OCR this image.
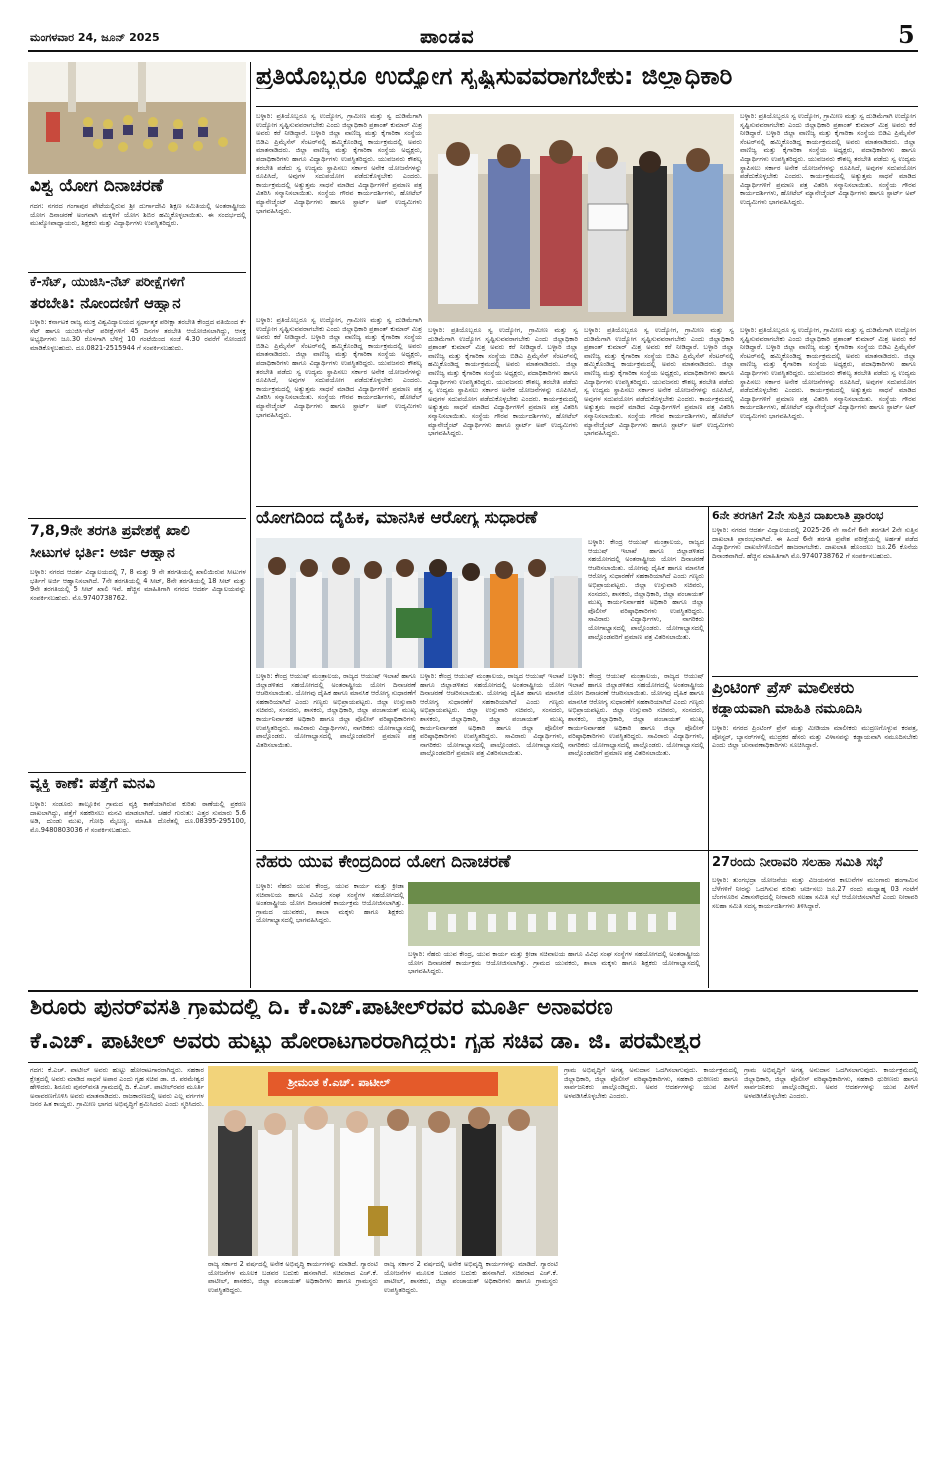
ಮಂಗಳವಾರ 24, ಜೂನ್ 2025	ಪಾಂಡವ	5
ವಿಶ್ವ ಯೋಗ ದಿನಾಚರಣೆ
ಗದಗ: ನಗರದ ಗಂಗಾಪುರ ಪೇಟೆಯಲ್ಲಿರುವ ಶ್ರೀ ದುರ್ಗಾದೇವಿ ಶಿಕ್ಷಣ ಸಮಿತಿಯಲ್ಲಿ ಅಂತರಾಷ್ಟ್ರೀಯ ಯೋಗ ದಿನಾಚರಣೆ ಅಂಗವಾಗಿ ಮಕ್ಕಳಿಗೆ ಯೋಗ ಶಿಬಿರ ಹಮ್ಮಿಕೊಳ್ಳಲಾಯಿತು. ಈ ಸಂದರ್ಭದಲ್ಲಿ ಮುಖ್ಯೋಪಾಧ್ಯಾಯರು, ಶಿಕ್ಷಕರು ಮತ್ತು ವಿದ್ಯಾರ್ಥಿಗಳು ಉಪಸ್ಥಿತರಿದ್ದರು.
ಕೆ-ಸೆಟ್, ಯುಜಿಸಿ-ನೆಟ್ ಪರೀಕ್ಷೆಗಳಿಗೆ
ತರಬೇತಿ: ನೋಂದಣಿಗೆ ಆಹ್ವಾನ
ಬಳ್ಳಾರಿ: ಕರ್ನಾಟಕ ರಾಜ್ಯ ಮುಕ್ತ ವಿಶ್ವವಿದ್ಯಾಲಯದ ಸ್ಪರ್ಧಾತ್ಮಕ ಪರೀಕ್ಷಾ ತರಬೇತಿ ಕೇಂದ್ರದ ವತಿಯಿಂದ ಕೆ-ಸೆಟ್ ಹಾಗೂ ಯುಜಿಸಿ-ನೆಟ್ ಪರೀಕ್ಷೆಗಳಿಗೆ 45 ದಿನಗಳ ತರಬೇತಿ ಆಯೋಜಿಸಲಾಗಿದ್ದು, ಆಸಕ್ತ ಅಭ್ಯರ್ಥಿಗಳು ಜೂ.30 ರೊಳಗಾಗಿ ಬೆಳಿಗ್ಗೆ 10 ಗಂಟೆಯಿಂದ ಸಂಜೆ 4.30 ರವರೆಗೆ ನೋಂದಣಿ ಮಾಡಿಕೊಳ್ಳಬಹುದು. ದೂ.0821-2515944 ಗೆ ಸಂಪರ್ಕಿಸಬಹುದು.
7,8,9ನೇ ತರಗತಿ ಪ್ರವೇಶಕ್ಕೆ ಖಾಲಿ
ಸೀಟುಗಳ ಭರ್ತಿ: ಅರ್ಜಿ ಆಹ್ವಾನ
ಬಳ್ಳಾರಿ: ನಗರದ ಆದರ್ಶ ವಿದ್ಯಾಲಯದಲ್ಲಿ 7, 8 ಮತ್ತು 9 ನೇ ತರಗತಿಯಲ್ಲಿ ಖಾಲಿಯಿರುವ ಸೀಟುಗಳ ಭರ್ತಿಗೆ ಅರ್ಜಿ ಆಹ್ವಾನಿಸಲಾಗಿದೆ. 7ನೇ ತರಗತಿಯಲ್ಲಿ 4 ಸೀಟ್, 8ನೇ ತರಗತಿಯಲ್ಲಿ 18 ಸೀಟ್ ಮತ್ತು 9ನೇ ತರಗತಿಯಲ್ಲಿ 5 ಸೀಟ್ ಖಾಲಿ ಇವೆ. ಹೆಚ್ಚಿನ ಮಾಹಿತಿಗಾಗಿ ನಗರದ ಆದರ್ಶ ವಿದ್ಯಾಲಯವನ್ನು ಸಂಪರ್ಕಿಸಬಹುದು. ಮೊ.9740738762.
ವ್ಯಕ್ತಿ ಕಾಣೆ: ಪತ್ತೆಗೆ ಮನವಿ
ಬಳ್ಳಾರಿ: ಸಂಡೂರು ತಾಲ್ಲೂಕಿನ ಗ್ರಾಮದ ವ್ಯಕ್ತಿ ಕಾಣೆಯಾಗಿರುವ ಕುರಿತು ಠಾಣೆಯಲ್ಲಿ ಪ್ರಕರಣ ದಾಖಲಾಗಿದ್ದು, ಪತ್ತೆಗೆ ಸಹಕರಿಸಲು ಮನವಿ ಮಾಡಲಾಗಿದೆ. ಚಹರೆ ಗುರುತು: ಎತ್ತರ ಸುಮಾರು 5.6 ಅಡಿ, ದುಂಡು ಮುಖ, ಗೋಧಿ ಮೈಬಣ್ಣ. ಮಾಹಿತಿ ದೊರೆತಲ್ಲಿ ದೂ.08395-295100, ಮೊ.9480803036 ಗೆ ಸಂಪರ್ಕಿಸಬಹುದು.
ಪ್ರತಿಯೊಬ್ಬರೂ ಉದ್ಯೋಗ ಸೃಷ್ಟಿಸುವವರಾಗಬೇಕು: ಜಿಲ್ಲಾಧಿಕಾರಿ
ಬಳ್ಳಾರಿ: ಪ್ರತಿಯೊಬ್ಬರೂ ಸ್ವ ಉದ್ಯೋಗ, ಗ್ರಾಮೀಣ ಮತ್ತು ಸ್ವ ದುಡಿಮೆಗಾಗಿ ಉದ್ಯೋಗ ಸೃಷ್ಟಿಸುವವರಾಗಬೇಕು ಎಂದು ಜಿಲ್ಲಾಧಿಕಾರಿ ಪ್ರಶಾಂತ್ ಕುಮಾರ್ ಮಿಶ್ರ ಅವರು ಕರೆ ನೀಡಿದ್ದಾರೆ. ಬಳ್ಳಾರಿ ಜಿಲ್ಲಾ ವಾಣಿಜ್ಯ ಮತ್ತು ಕೈಗಾರಿಕಾ ಸಂಸ್ಥೆಯ ಬಿಡಿಎ ಪ್ರಿಮೈಸೆಸ್ ಸೆಂಟರ್‌ನಲ್ಲಿ ಹಮ್ಮಿಕೊಂಡಿದ್ದ ಕಾರ್ಯಕ್ರಮದಲ್ಲಿ ಅವರು ಮಾತನಾಡಿದರು. ಜಿಲ್ಲಾ ವಾಣಿಜ್ಯ ಮತ್ತು ಕೈಗಾರಿಕಾ ಸಂಸ್ಥೆಯ ಅಧ್ಯಕ್ಷರು, ಪದಾಧಿಕಾರಿಗಳು ಹಾಗೂ ವಿದ್ಯಾರ್ಥಿಗಳು ಉಪಸ್ಥಿತರಿದ್ದರು. ಯುವಜನರು ಕೌಶಲ್ಯ ತರಬೇತಿ ಪಡೆದು ಸ್ವ ಉದ್ಯಮ ಸ್ಥಾಪಿಸಲು ಸರ್ಕಾರ ಅನೇಕ ಯೋಜನೆಗಳನ್ನು ರೂಪಿಸಿದೆ, ಅವುಗಳ ಸದುಪಯೋಗ ಪಡೆದುಕೊಳ್ಳಬೇಕು ಎಂದರು. ಕಾರ್ಯಕ್ರಮದಲ್ಲಿ ಅತ್ಯುತ್ತಮ ಸಾಧನೆ ಮಾಡಿದ ವಿದ್ಯಾರ್ಥಿಗಳಿಗೆ ಪ್ರಮಾಣ ಪತ್ರ ವಿತರಿಸಿ ಸನ್ಮಾನಿಸಲಾಯಿತು. ಸಂಸ್ಥೆಯ ಗೌರವ ಕಾರ್ಯದರ್ಶಿಗಳು, ಹೋಟೆಲ್ ಮ್ಯಾನೇಜ್ಮೆಂಟ್ ವಿದ್ಯಾರ್ಥಿಗಳು ಹಾಗೂ ಸ್ಟಾರ್ಟ್ ಅಪ್ ಉದ್ಯಮಿಗಳು ಭಾಗವಹಿಸಿದ್ದರು.
ಬಳ್ಳಾರಿ: ಪ್ರತಿಯೊಬ್ಬರೂ ಸ್ವ ಉದ್ಯೋಗ, ಗ್ರಾಮೀಣ ಮತ್ತು ಸ್ವ ದುಡಿಮೆಗಾಗಿ ಉದ್ಯೋಗ ಸೃಷ್ಟಿಸುವವರಾಗಬೇಕು ಎಂದು ಜಿಲ್ಲಾಧಿಕಾರಿ ಪ್ರಶಾಂತ್ ಕುಮಾರ್ ಮಿಶ್ರ ಅವರು ಕರೆ ನೀಡಿದ್ದಾರೆ. ಬಳ್ಳಾರಿ ಜಿಲ್ಲಾ ವಾಣಿಜ್ಯ ಮತ್ತು ಕೈಗಾರಿಕಾ ಸಂಸ್ಥೆಯ ಬಿಡಿಎ ಪ್ರಿಮೈಸೆಸ್ ಸೆಂಟರ್‌ನಲ್ಲಿ ಹಮ್ಮಿಕೊಂಡಿದ್ದ ಕಾರ್ಯಕ್ರಮದಲ್ಲಿ ಅವರು ಮಾತನಾಡಿದರು. ಜಿಲ್ಲಾ ವಾಣಿಜ್ಯ ಮತ್ತು ಕೈಗಾರಿಕಾ ಸಂಸ್ಥೆಯ ಅಧ್ಯಕ್ಷರು, ಪದಾಧಿಕಾರಿಗಳು ಹಾಗೂ ವಿದ್ಯಾರ್ಥಿಗಳು ಉಪಸ್ಥಿತರಿದ್ದರು. ಯುವಜನರು ಕೌಶಲ್ಯ ತರಬೇತಿ ಪಡೆದು ಸ್ವ ಉದ್ಯಮ ಸ್ಥಾಪಿಸಲು ಸರ್ಕಾರ ಅನೇಕ ಯೋಜನೆಗಳನ್ನು ರೂಪಿಸಿದೆ, ಅವುಗಳ ಸದುಪಯೋಗ ಪಡೆದುಕೊಳ್ಳಬೇಕು ಎಂದರು. ಕಾರ್ಯಕ್ರಮದಲ್ಲಿ ಅತ್ಯುತ್ತಮ ಸಾಧನೆ ಮಾಡಿದ ವಿದ್ಯಾರ್ಥಿಗಳಿಗೆ ಪ್ರಮಾಣ ಪತ್ರ ವಿತರಿಸಿ ಸನ್ಮಾನಿಸಲಾಯಿತು. ಸಂಸ್ಥೆಯ ಗೌರವ ಕಾರ್ಯದರ್ಶಿಗಳು, ಹೋಟೆಲ್ ಮ್ಯಾನೇಜ್ಮೆಂಟ್ ವಿದ್ಯಾರ್ಥಿಗಳು ಹಾಗೂ ಸ್ಟಾರ್ಟ್ ಅಪ್ ಉದ್ಯಮಿಗಳು ಭಾಗವಹಿಸಿದ್ದರು.
ಬಳ್ಳಾರಿ: ಪ್ರತಿಯೊಬ್ಬರೂ ಸ್ವ ಉದ್ಯೋಗ, ಗ್ರಾಮೀಣ ಮತ್ತು ಸ್ವ ದುಡಿಮೆಗಾಗಿ ಉದ್ಯೋಗ ಸೃಷ್ಟಿಸುವವರಾಗಬೇಕು ಎಂದು ಜಿಲ್ಲಾಧಿಕಾರಿ ಪ್ರಶಾಂತ್ ಕುಮಾರ್ ಮಿಶ್ರ ಅವರು ಕರೆ ನೀಡಿದ್ದಾರೆ. ಬಳ್ಳಾರಿ ಜಿಲ್ಲಾ ವಾಣಿಜ್ಯ ಮತ್ತು ಕೈಗಾರಿಕಾ ಸಂಸ್ಥೆಯ ಬಿಡಿಎ ಪ್ರಿಮೈಸೆಸ್ ಸೆಂಟರ್‌ನಲ್ಲಿ ಹಮ್ಮಿಕೊಂಡಿದ್ದ ಕಾರ್ಯಕ್ರಮದಲ್ಲಿ ಅವರು ಮಾತನಾಡಿದರು. ಜಿಲ್ಲಾ ವಾಣಿಜ್ಯ ಮತ್ತು ಕೈಗಾರಿಕಾ ಸಂಸ್ಥೆಯ ಅಧ್ಯಕ್ಷರು, ಪದಾಧಿಕಾರಿಗಳು ಹಾಗೂ ವಿದ್ಯಾರ್ಥಿಗಳು ಉಪಸ್ಥಿತರಿದ್ದರು. ಯುವಜನರು ಕೌಶಲ್ಯ ತರಬೇತಿ ಪಡೆದು ಸ್ವ ಉದ್ಯಮ ಸ್ಥಾಪಿಸಲು ಸರ್ಕಾರ ಅನೇಕ ಯೋಜನೆಗಳನ್ನು ರೂಪಿಸಿದೆ, ಅವುಗಳ ಸದುಪಯೋಗ ಪಡೆದುಕೊಳ್ಳಬೇಕು ಎಂದರು. ಕಾರ್ಯಕ್ರಮದಲ್ಲಿ ಅತ್ಯುತ್ತಮ ಸಾಧನೆ ಮಾಡಿದ ವಿದ್ಯಾರ್ಥಿಗಳಿಗೆ ಪ್ರಮಾಣ ಪತ್ರ ವಿತರಿಸಿ ಸನ್ಮಾನಿಸಲಾಯಿತು. ಸಂಸ್ಥೆಯ ಗೌರವ ಕಾರ್ಯದರ್ಶಿಗಳು, ಹೋಟೆಲ್ ಮ್ಯಾನೇಜ್ಮೆಂಟ್ ವಿದ್ಯಾರ್ಥಿಗಳು ಹಾಗೂ ಸ್ಟಾರ್ಟ್ ಅಪ್ ಉದ್ಯಮಿಗಳು ಭಾಗವಹಿಸಿದ್ದರು.
ಬಳ್ಳಾರಿ: ಪ್ರತಿಯೊಬ್ಬರೂ ಸ್ವ ಉದ್ಯೋಗ, ಗ್ರಾಮೀಣ ಮತ್ತು ಸ್ವ ದುಡಿಮೆಗಾಗಿ ಉದ್ಯೋಗ ಸೃಷ್ಟಿಸುವವರಾಗಬೇಕು ಎಂದು ಜಿಲ್ಲಾಧಿಕಾರಿ ಪ್ರಶಾಂತ್ ಕುಮಾರ್ ಮಿಶ್ರ ಅವರು ಕರೆ ನೀಡಿದ್ದಾರೆ. ಬಳ್ಳಾರಿ ಜಿಲ್ಲಾ ವಾಣಿಜ್ಯ ಮತ್ತು ಕೈಗಾರಿಕಾ ಸಂಸ್ಥೆಯ ಬಿಡಿಎ ಪ್ರಿಮೈಸೆಸ್ ಸೆಂಟರ್‌ನಲ್ಲಿ ಹಮ್ಮಿಕೊಂಡಿದ್ದ ಕಾರ್ಯಕ್ರಮದಲ್ಲಿ ಅವರು ಮಾತನಾಡಿದರು. ಜಿಲ್ಲಾ ವಾಣಿಜ್ಯ ಮತ್ತು ಕೈಗಾರಿಕಾ ಸಂಸ್ಥೆಯ ಅಧ್ಯಕ್ಷರು, ಪದಾಧಿಕಾರಿಗಳು ಹಾಗೂ ವಿದ್ಯಾರ್ಥಿಗಳು ಉಪಸ್ಥಿತರಿದ್ದರು. ಯುವಜನರು ಕೌಶಲ್ಯ ತರಬೇತಿ ಪಡೆದು ಸ್ವ ಉದ್ಯಮ ಸ್ಥಾಪಿಸಲು ಸರ್ಕಾರ ಅನೇಕ ಯೋಜನೆಗಳನ್ನು ರೂಪಿಸಿದೆ, ಅವುಗಳ ಸದುಪಯೋಗ ಪಡೆದುಕೊಳ್ಳಬೇಕು ಎಂದರು. ಕಾರ್ಯಕ್ರಮದಲ್ಲಿ ಅತ್ಯುತ್ತಮ ಸಾಧನೆ ಮಾಡಿದ ವಿದ್ಯಾರ್ಥಿಗಳಿಗೆ ಪ್ರಮಾಣ ಪತ್ರ ವಿತರಿಸಿ ಸನ್ಮಾನಿಸಲಾಯಿತು. ಸಂಸ್ಥೆಯ ಗೌರವ ಕಾರ್ಯದರ್ಶಿಗಳು, ಹೋಟೆಲ್ ಮ್ಯಾನೇಜ್ಮೆಂಟ್ ವಿದ್ಯಾರ್ಥಿಗಳು ಹಾಗೂ ಸ್ಟಾರ್ಟ್ ಅಪ್ ಉದ್ಯಮಿಗಳು ಭಾಗವಹಿಸಿದ್ದರು.
ಬಳ್ಳಾರಿ: ಪ್ರತಿಯೊಬ್ಬರೂ ಸ್ವ ಉದ್ಯೋಗ, ಗ್ರಾಮೀಣ ಮತ್ತು ಸ್ವ ದುಡಿಮೆಗಾಗಿ ಉದ್ಯೋಗ ಸೃಷ್ಟಿಸುವವರಾಗಬೇಕು ಎಂದು ಜಿಲ್ಲಾಧಿಕಾರಿ ಪ್ರಶಾಂತ್ ಕುಮಾರ್ ಮಿಶ್ರ ಅವರು ಕರೆ ನೀಡಿದ್ದಾರೆ. ಬಳ್ಳಾರಿ ಜಿಲ್ಲಾ ವಾಣಿಜ್ಯ ಮತ್ತು ಕೈಗಾರಿಕಾ ಸಂಸ್ಥೆಯ ಬಿಡಿಎ ಪ್ರಿಮೈಸೆಸ್ ಸೆಂಟರ್‌ನಲ್ಲಿ ಹಮ್ಮಿಕೊಂಡಿದ್ದ ಕಾರ್ಯಕ್ರಮದಲ್ಲಿ ಅವರು ಮಾತನಾಡಿದರು. ಜಿಲ್ಲಾ ವಾಣಿಜ್ಯ ಮತ್ತು ಕೈಗಾರಿಕಾ ಸಂಸ್ಥೆಯ ಅಧ್ಯಕ್ಷರು, ಪದಾಧಿಕಾರಿಗಳು ಹಾಗೂ ವಿದ್ಯಾರ್ಥಿಗಳು ಉಪಸ್ಥಿತರಿದ್ದರು. ಯುವಜನರು ಕೌಶಲ್ಯ ತರಬೇತಿ ಪಡೆದು ಸ್ವ ಉದ್ಯಮ ಸ್ಥಾಪಿಸಲು ಸರ್ಕಾರ ಅನೇಕ ಯೋಜನೆಗಳನ್ನು ರೂಪಿಸಿದೆ, ಅವುಗಳ ಸದುಪಯೋಗ ಪಡೆದುಕೊಳ್ಳಬೇಕು ಎಂದರು. ಕಾರ್ಯಕ್ರಮದಲ್ಲಿ ಅತ್ಯುತ್ತಮ ಸಾಧನೆ ಮಾಡಿದ ವಿದ್ಯಾರ್ಥಿಗಳಿಗೆ ಪ್ರಮಾಣ ಪತ್ರ ವಿತರಿಸಿ ಸನ್ಮಾನಿಸಲಾಯಿತು. ಸಂಸ್ಥೆಯ ಗೌರವ ಕಾರ್ಯದರ್ಶಿಗಳು, ಹೋಟೆಲ್ ಮ್ಯಾನೇಜ್ಮೆಂಟ್ ವಿದ್ಯಾರ್ಥಿಗಳು ಹಾಗೂ ಸ್ಟಾರ್ಟ್ ಅಪ್ ಉದ್ಯಮಿಗಳು ಭಾಗವಹಿಸಿದ್ದರು.
ಬಳ್ಳಾರಿ: ಪ್ರತಿಯೊಬ್ಬರೂ ಸ್ವ ಉದ್ಯೋಗ, ಗ್ರಾಮೀಣ ಮತ್ತು ಸ್ವ ದುಡಿಮೆಗಾಗಿ ಉದ್ಯೋಗ ಸೃಷ್ಟಿಸುವವರಾಗಬೇಕು ಎಂದು ಜಿಲ್ಲಾಧಿಕಾರಿ ಪ್ರಶಾಂತ್ ಕುಮಾರ್ ಮಿಶ್ರ ಅವರು ಕರೆ ನೀಡಿದ್ದಾರೆ. ಬಳ್ಳಾರಿ ಜಿಲ್ಲಾ ವಾಣಿಜ್ಯ ಮತ್ತು ಕೈಗಾರಿಕಾ ಸಂಸ್ಥೆಯ ಬಿಡಿಎ ಪ್ರಿಮೈಸೆಸ್ ಸೆಂಟರ್‌ನಲ್ಲಿ ಹಮ್ಮಿಕೊಂಡಿದ್ದ ಕಾರ್ಯಕ್ರಮದಲ್ಲಿ ಅವರು ಮಾತನಾಡಿದರು. ಜಿಲ್ಲಾ ವಾಣಿಜ್ಯ ಮತ್ತು ಕೈಗಾರಿಕಾ ಸಂಸ್ಥೆಯ ಅಧ್ಯಕ್ಷರು, ಪದಾಧಿಕಾರಿಗಳು ಹಾಗೂ ವಿದ್ಯಾರ್ಥಿಗಳು ಉಪಸ್ಥಿತರಿದ್ದರು. ಯುವಜನರು ಕೌಶಲ್ಯ ತರಬೇತಿ ಪಡೆದು ಸ್ವ ಉದ್ಯಮ ಸ್ಥಾಪಿಸಲು ಸರ್ಕಾರ ಅನೇಕ ಯೋಜನೆಗಳನ್ನು ರೂಪಿಸಿದೆ, ಅವುಗಳ ಸದುಪಯೋಗ ಪಡೆದುಕೊಳ್ಳಬೇಕು ಎಂದರು. ಕಾರ್ಯಕ್ರಮದಲ್ಲಿ ಅತ್ಯುತ್ತಮ ಸಾಧನೆ ಮಾಡಿದ ವಿದ್ಯಾರ್ಥಿಗಳಿಗೆ ಪ್ರಮಾಣ ಪತ್ರ ವಿತರಿಸಿ ಸನ್ಮಾನಿಸಲಾಯಿತು. ಸಂಸ್ಥೆಯ ಗೌರವ ಕಾರ್ಯದರ್ಶಿಗಳು, ಹೋಟೆಲ್ ಮ್ಯಾನೇಜ್ಮೆಂಟ್ ವಿದ್ಯಾರ್ಥಿಗಳು ಹಾಗೂ ಸ್ಟಾರ್ಟ್ ಅಪ್ ಉದ್ಯಮಿಗಳು ಭಾಗವಹಿಸಿದ್ದರು.
ಯೋಗದಿಂದ ದೈಹಿಕ, ಮಾನಸಿಕ ಆರೋಗ್ಯ ಸುಧಾರಣೆ
ಬಳ್ಳಾರಿ: ಕೇಂದ್ರ ಆಯುಷ್ ಮಂತ್ರಾಲಯ, ರಾಜ್ಯದ ಆಯುಷ್ ಇಲಾಖೆ ಹಾಗೂ ಜಿಲ್ಲಾಡಳಿತದ ಸಹಯೋಗದಲ್ಲಿ ಅಂತರಾಷ್ಟ್ರೀಯ ಯೋಗ ದಿನಾಚರಣೆ ಆಚರಿಸಲಾಯಿತು. ಯೋಗವು ದೈಹಿಕ ಹಾಗೂ ಮಾನಸಿಕ ಆರೋಗ್ಯ ಸುಧಾರಣೆಗೆ ಸಹಕಾರಿಯಾಗಿದೆ ಎಂದು ಗಣ್ಯರು ಅಭಿಪ್ರಾಯಪಟ್ಟರು. ಜಿಲ್ಲಾ ಉಸ್ತುವಾರಿ ಸಚಿವರು, ಸಂಸದರು, ಶಾಸಕರು, ಜಿಲ್ಲಾಧಿಕಾರಿ, ಜಿಲ್ಲಾ ಪಂಚಾಯತ್ ಮುಖ್ಯ ಕಾರ್ಯನಿರ್ವಾಹಕ ಅಧಿಕಾರಿ ಹಾಗೂ ಜಿಲ್ಲಾ ಪೊಲೀಸ್ ವರಿಷ್ಠಾಧಿಕಾರಿಗಳು ಉಪಸ್ಥಿತರಿದ್ದರು. ಸಾವಿರಾರು ವಿದ್ಯಾರ್ಥಿಗಳು, ನಾಗರಿಕರು ಯೋಗಾಭ್ಯಾಸದಲ್ಲಿ ಪಾಲ್ಗೊಂಡರು. ಯೋಗಾಭ್ಯಾಸದಲ್ಲಿ ಪಾಲ್ಗೊಂಡವರಿಗೆ ಪ್ರಮಾಣ ಪತ್ರ ವಿತರಿಸಲಾಯಿತು.
ಬಳ್ಳಾರಿ: ಕೇಂದ್ರ ಆಯುಷ್ ಮಂತ್ರಾಲಯ, ರಾಜ್ಯದ ಆಯುಷ್ ಇಲಾಖೆ ಹಾಗೂ ಜಿಲ್ಲಾಡಳಿತದ ಸಹಯೋಗದಲ್ಲಿ ಅಂತರಾಷ್ಟ್ರೀಯ ಯೋಗ ದಿನಾಚರಣೆ ಆಚರಿಸಲಾಯಿತು. ಯೋಗವು ದೈಹಿಕ ಹಾಗೂ ಮಾನಸಿಕ ಆರೋಗ್ಯ ಸುಧಾರಣೆಗೆ ಸಹಕಾರಿಯಾಗಿದೆ ಎಂದು ಗಣ್ಯರು ಅಭಿಪ್ರಾಯಪಟ್ಟರು. ಜಿಲ್ಲಾ ಉಸ್ತುವಾರಿ ಸಚಿವರು, ಸಂಸದರು, ಶಾಸಕರು, ಜಿಲ್ಲಾಧಿಕಾರಿ, ಜಿಲ್ಲಾ ಪಂಚಾಯತ್ ಮುಖ್ಯ ಕಾರ್ಯನಿರ್ವಾಹಕ ಅಧಿಕಾರಿ ಹಾಗೂ ಜಿಲ್ಲಾ ಪೊಲೀಸ್ ವರಿಷ್ಠಾಧಿಕಾರಿಗಳು ಉಪಸ್ಥಿತರಿದ್ದರು. ಸಾವಿರಾರು ವಿದ್ಯಾರ್ಥಿಗಳು, ನಾಗರಿಕರು ಯೋಗಾಭ್ಯಾಸದಲ್ಲಿ ಪಾಲ್ಗೊಂಡರು. ಯೋಗಾಭ್ಯಾಸದಲ್ಲಿ ಪಾಲ್ಗೊಂಡವರಿಗೆ ಪ್ರಮಾಣ ಪತ್ರ ವಿತರಿಸಲಾಯಿತು.
ಬಳ್ಳಾರಿ: ಕೇಂದ್ರ ಆಯುಷ್ ಮಂತ್ರಾಲಯ, ರಾಜ್ಯದ ಆಯುಷ್ ಇಲಾಖೆ ಹಾಗೂ ಜಿಲ್ಲಾಡಳಿತದ ಸಹಯೋಗದಲ್ಲಿ ಅಂತರಾಷ್ಟ್ರೀಯ ಯೋಗ ದಿನಾಚರಣೆ ಆಚರಿಸಲಾಯಿತು. ಯೋಗವು ದೈಹಿಕ ಹಾಗೂ ಮಾನಸಿಕ ಆರೋಗ್ಯ ಸುಧಾರಣೆಗೆ ಸಹಕಾರಿಯಾಗಿದೆ ಎಂದು ಗಣ್ಯರು ಅಭಿಪ್ರಾಯಪಟ್ಟರು. ಜಿಲ್ಲಾ ಉಸ್ತುವಾರಿ ಸಚಿವರು, ಸಂಸದರು, ಶಾಸಕರು, ಜಿಲ್ಲಾಧಿಕಾರಿ, ಜಿಲ್ಲಾ ಪಂಚಾಯತ್ ಮುಖ್ಯ ಕಾರ್ಯನಿರ್ವಾಹಕ ಅಧಿಕಾರಿ ಹಾಗೂ ಜಿಲ್ಲಾ ಪೊಲೀಸ್ ವರಿಷ್ಠಾಧಿಕಾರಿಗಳು ಉಪಸ್ಥಿತರಿದ್ದರು. ಸಾವಿರಾರು ವಿದ್ಯಾರ್ಥಿಗಳು, ನಾಗರಿಕರು ಯೋಗಾಭ್ಯಾಸದಲ್ಲಿ ಪಾಲ್ಗೊಂಡರು. ಯೋಗಾಭ್ಯಾಸದಲ್ಲಿ ಪಾಲ್ಗೊಂಡವರಿಗೆ ಪ್ರಮಾಣ ಪತ್ರ ವಿತರಿಸಲಾಯಿತು.
ಬಳ್ಳಾರಿ: ಕೇಂದ್ರ ಆಯುಷ್ ಮಂತ್ರಾಲಯ, ರಾಜ್ಯದ ಆಯುಷ್ ಇಲಾಖೆ ಹಾಗೂ ಜಿಲ್ಲಾಡಳಿತದ ಸಹಯೋಗದಲ್ಲಿ ಅಂತರಾಷ್ಟ್ರೀಯ ಯೋಗ ದಿನಾಚರಣೆ ಆಚರಿಸಲಾಯಿತು. ಯೋಗವು ದೈಹಿಕ ಹಾಗೂ ಮಾನಸಿಕ ಆರೋಗ್ಯ ಸುಧಾರಣೆಗೆ ಸಹಕಾರಿಯಾಗಿದೆ ಎಂದು ಗಣ್ಯರು ಅಭಿಪ್ರಾಯಪಟ್ಟರು. ಜಿಲ್ಲಾ ಉಸ್ತುವಾರಿ ಸಚಿವರು, ಸಂಸದರು, ಶಾಸಕರು, ಜಿಲ್ಲಾಧಿಕಾರಿ, ಜಿಲ್ಲಾ ಪಂಚಾಯತ್ ಮುಖ್ಯ ಕಾರ್ಯನಿರ್ವಾಹಕ ಅಧಿಕಾರಿ ಹಾಗೂ ಜಿಲ್ಲಾ ಪೊಲೀಸ್ ವರಿಷ್ಠಾಧಿಕಾರಿಗಳು ಉಪಸ್ಥಿತರಿದ್ದರು. ಸಾವಿರಾರು ವಿದ್ಯಾರ್ಥಿಗಳು, ನಾಗರಿಕರು ಯೋಗಾಭ್ಯಾಸದಲ್ಲಿ ಪಾಲ್ಗೊಂಡರು. ಯೋಗಾಭ್ಯಾಸದಲ್ಲಿ ಪಾಲ್ಗೊಂಡವರಿಗೆ ಪ್ರಮಾಣ ಪತ್ರ ವಿತರಿಸಲಾಯಿತು.
6ನೇ ತರಗತಿಗೆ 2ನೇ ಸುತ್ತಿನ ದಾಖಲಾತಿ ಪ್ರಾರಂಭ
ಬಳ್ಳಾರಿ: ನಗರದ ಆದರ್ಶ ವಿದ್ಯಾಲಯದಲ್ಲಿ 2025-26 ನೇ ಸಾಲಿಗೆ 6ನೇ ತರಗತಿಗೆ 2ನೇ ಸುತ್ತಿನ ದಾಖಲಾತಿ ಪ್ರಾರಂಭವಾಗಿದೆ. ಈ ಹಿಂದೆ 6ನೇ ತರಗತಿ ಪ್ರವೇಶ ಪರೀಕ್ಷೆಯಲ್ಲಿ ಅರ್ಹತೆ ಪಡೆದ ವಿದ್ಯಾರ್ಥಿಗಳು ದಾಖಲೆಗಳೊಂದಿಗೆ ಹಾಜರಾಗಬೇಕು. ದಾಖಲಾತಿ ಹೊಂದಲು ಜೂ.26 ಕೊನೆಯ ದಿನಾಂಕವಾಗಿದೆ. ಹೆಚ್ಚಿನ ಮಾಹಿತಿಗಾಗಿ ಮೊ.9740738762 ಗೆ ಸಂಪರ್ಕಿಸಬಹುದು.
ಪ್ರಿಂಟಿಂಗ್ ಪ್ರೆಸ್ ಮಾಲೀಕರು
ಕಡ್ಡಾಯವಾಗಿ ಮಾಹಿತಿ ನಮೂದಿಸಿ
ಬಳ್ಳಾರಿ: ನಗರದ ಪ್ರಿಂಟಿಂಗ್ ಪ್ರೆಸ್ ಮತ್ತು ಮೀಡಿಯಾ ಮಾಲೀಕರು ಮುದ್ರಣಗೊಳ್ಳುವ ಕರಪತ್ರ, ಪೋಸ್ಟರ್, ಬ್ಯಾನರ್‌ಗಳಲ್ಲಿ ಮುದ್ರಕರ ಹೆಸರು ಮತ್ತು ವಿಳಾಸವನ್ನು ಕಡ್ಡಾಯವಾಗಿ ನಮೂದಿಸಬೇಕು ಎಂದು ಜಿಲ್ಲಾ ಚುನಾವಣಾಧಿಕಾರಿಗಳು ಸೂಚಿಸಿದ್ದಾರೆ.
ನೆಹರು ಯುವ ಕೇಂದ್ರದಿಂದ ಯೋಗ ದಿನಾಚರಣೆ
ಬಳ್ಳಾರಿ: ನೆಹರು ಯುವ ಕೇಂದ್ರ, ಯುವ ಕಾರ್ಯ ಮತ್ತು ಕ್ರೀಡಾ ಸಚಿವಾಲಯ ಹಾಗೂ ವಿವಿಧ ಸಂಘ ಸಂಸ್ಥೆಗಳ ಸಹಯೋಗದಲ್ಲಿ ಅಂತರಾಷ್ಟ್ರೀಯ ಯೋಗ ದಿನಾಚರಣೆ ಕಾರ್ಯಕ್ರಮ ಆಯೋಜಿಸಲಾಗಿತ್ತು. ಗ್ರಾಮದ ಯುವಕರು, ಶಾಲಾ ಮಕ್ಕಳು ಹಾಗೂ ಶಿಕ್ಷಕರು ಯೋಗಾಭ್ಯಾಸದಲ್ಲಿ ಭಾಗವಹಿಸಿದ್ದರು.
ಬಳ್ಳಾರಿ: ನೆಹರು ಯುವ ಕೇಂದ್ರ, ಯುವ ಕಾರ್ಯ ಮತ್ತು ಕ್ರೀಡಾ ಸಚಿವಾಲಯ ಹಾಗೂ ವಿವಿಧ ಸಂಘ ಸಂಸ್ಥೆಗಳ ಸಹಯೋಗದಲ್ಲಿ ಅಂತರಾಷ್ಟ್ರೀಯ ಯೋಗ ದಿನಾಚರಣೆ ಕಾರ್ಯಕ್ರಮ ಆಯೋಜಿಸಲಾಗಿತ್ತು. ಗ್ರಾಮದ ಯುವಕರು, ಶಾಲಾ ಮಕ್ಕಳು ಹಾಗೂ ಶಿಕ್ಷಕರು ಯೋಗಾಭ್ಯಾಸದಲ್ಲಿ ಭಾಗವಹಿಸಿದ್ದರು.
27ರಂದು ನೀರಾವರಿ ಸಲಹಾ ಸಮಿತಿ ಸಭೆ
ಬಳ್ಳಾರಿ: ತುಂಗಭದ್ರಾ ಯೋಜನೆಯ ಮತ್ತು ವಿಜಯನಗರ ಕಾಲುವೆಗಳ ಮುಂಗಾರು ಹಂಗಾಮಿನ ಬೆಳೆಗಳಿಗೆ ನೀರನ್ನು ಒದಗಿಸುವ ಕುರಿತು ಚರ್ಚಿಸಲು ಜೂ.27 ರಂದು ಮಧ್ಯಾಹ್ನ 03 ಗಂಟೆಗೆ ಬೆಂಗಳೂರಿನ ವಿಕಾಸಸೌಧದಲ್ಲಿ ನೀರಾವರಿ ಸಲಹಾ ಸಮಿತಿ ಸಭೆ ಆಯೋಜಿಸಲಾಗಿದೆ ಎಂದು ನೀರಾವರಿ ಸಲಹಾ ಸಮಿತಿ ಸದಸ್ಯ ಕಾರ್ಯದರ್ಶಿಗಳು ತಿಳಿಸಿದ್ದಾರೆ.
ಶಿರೂರು ಪುನರ್‌ವಸತಿ ಗ್ರಾಮದಲ್ಲಿ ದಿ. ಕೆ.ಎಚ್.ಪಾಟೀಲ್‌ರವರ ಮೂರ್ತಿ ಅನಾವರಣ
ಕೆ.ಎಚ್. ಪಾಟೀಲ್ ಅವರು ಹುಟ್ಟು ಹೋರಾಟಗಾರರಾಗಿದ್ದರು: ಗೃಹ ಸಚಿವ ಡಾ. ಜಿ. ಪರಮೇಶ್ವರ
ಗದಗ: ಕೆ.ಎಚ್. ಪಾಟೀಲ್ ಅವರು ಹುಟ್ಟು ಹೋರಾಟಗಾರರಾಗಿದ್ದರು. ಸಹಕಾರ ಕ್ಷೇತ್ರದಲ್ಲಿ ಅವರು ಮಾಡಿದ ಸಾಧನೆ ಅಪಾರ ಎಂದು ಗೃಹ ಸಚಿವ ಡಾ. ಜಿ. ಪರಮೇಶ್ವರ ಹೇಳಿದರು. ಶಿರೂರು ಪುನರ್‌ವಸತಿ ಗ್ರಾಮದಲ್ಲಿ ದಿ. ಕೆ.ಎಚ್. ಪಾಟೀಲ್‌ರವರ ಮೂರ್ತಿ ಅನಾವರಣಗೊಳಿಸಿ ಅವರು ಮಾತನಾಡಿದರು. ರಾಜಕಾರಣದಲ್ಲಿ ಅವರು ಎಲ್ಲ ವರ್ಗಗಳ ಜನರ ಹಿತ ಕಾಯ್ದರು. ಗ್ರಾಮೀಣ ಭಾಗದ ಅಭಿವೃದ್ಧಿಗೆ ಶ್ರಮಿಸಿದರು ಎಂದು ಸ್ಮರಿಸಿದರು.
ಶ್ರೀಮಂತ ಕೆ.ಎಚ್. ಪಾಟೀಲ್
ರಾಜ್ಯ ಸರ್ಕಾರ 2 ವರ್ಷದಲ್ಲಿ ಅನೇಕ ಅಭಿವೃದ್ಧಿ ಕಾರ್ಯಗಳನ್ನು ಮಾಡಿದೆ. ಗ್ಯಾರಂಟಿ ಯೋಜನೆಗಳ ಮೂಲಕ ಬಡವರ ಬದುಕು ಹಸನಾಗಿದೆ. ಸಚಿವರಾದ ಎಚ್.ಕೆ. ಪಾಟೀಲ್, ಶಾಸಕರು, ಜಿಲ್ಲಾ ಪಂಚಾಯತ್ ಅಧಿಕಾರಿಗಳು ಹಾಗೂ ಗ್ರಾಮಸ್ಥರು ಉಪಸ್ಥಿತರಿದ್ದರು.
ರಾಜ್ಯ ಸರ್ಕಾರ 2 ವರ್ಷದಲ್ಲಿ ಅನೇಕ ಅಭಿವೃದ್ಧಿ ಕಾರ್ಯಗಳನ್ನು ಮಾಡಿದೆ. ಗ್ಯಾರಂಟಿ ಯೋಜನೆಗಳ ಮೂಲಕ ಬಡವರ ಬದುಕು ಹಸನಾಗಿದೆ. ಸಚಿವರಾದ ಎಚ್.ಕೆ. ಪಾಟೀಲ್, ಶಾಸಕರು, ಜಿಲ್ಲಾ ಪಂಚಾಯತ್ ಅಧಿಕಾರಿಗಳು ಹಾಗೂ ಗ್ರಾಮಸ್ಥರು ಉಪಸ್ಥಿತರಿದ್ದರು.
ಗ್ರಾಮ ಅಭಿವೃದ್ಧಿಗೆ ಅಗತ್ಯ ಅನುದಾನ ಒದಗಿಸಲಾಗುವುದು. ಕಾರ್ಯಕ್ರಮದಲ್ಲಿ ಜಿಲ್ಲಾಧಿಕಾರಿ, ಜಿಲ್ಲಾ ಪೊಲೀಸ್ ವರಿಷ್ಠಾಧಿಕಾರಿಗಳು, ಸಹಕಾರಿ ಧುರೀಣರು ಹಾಗೂ ಸಾರ್ವಜನಿಕರು ಪಾಲ್ಗೊಂಡಿದ್ದರು. ಅವರ ಆದರ್ಶಗಳನ್ನು ಯುವ ಪೀಳಿಗೆ ಅಳವಡಿಸಿಕೊಳ್ಳಬೇಕು ಎಂದರು.
ಗ್ರಾಮ ಅಭಿವೃದ್ಧಿಗೆ ಅಗತ್ಯ ಅನುದಾನ ಒದಗಿಸಲಾಗುವುದು. ಕಾರ್ಯಕ್ರಮದಲ್ಲಿ ಜಿಲ್ಲಾಧಿಕಾರಿ, ಜಿಲ್ಲಾ ಪೊಲೀಸ್ ವರಿಷ್ಠಾಧಿಕಾರಿಗಳು, ಸಹಕಾರಿ ಧುರೀಣರು ಹಾಗೂ ಸಾರ್ವಜನಿಕರು ಪಾಲ್ಗೊಂಡಿದ್ದರು. ಅವರ ಆದರ್ಶಗಳನ್ನು ಯುವ ಪೀಳಿಗೆ ಅಳವಡಿಸಿಕೊಳ್ಳಬೇಕು ಎಂದರು.
